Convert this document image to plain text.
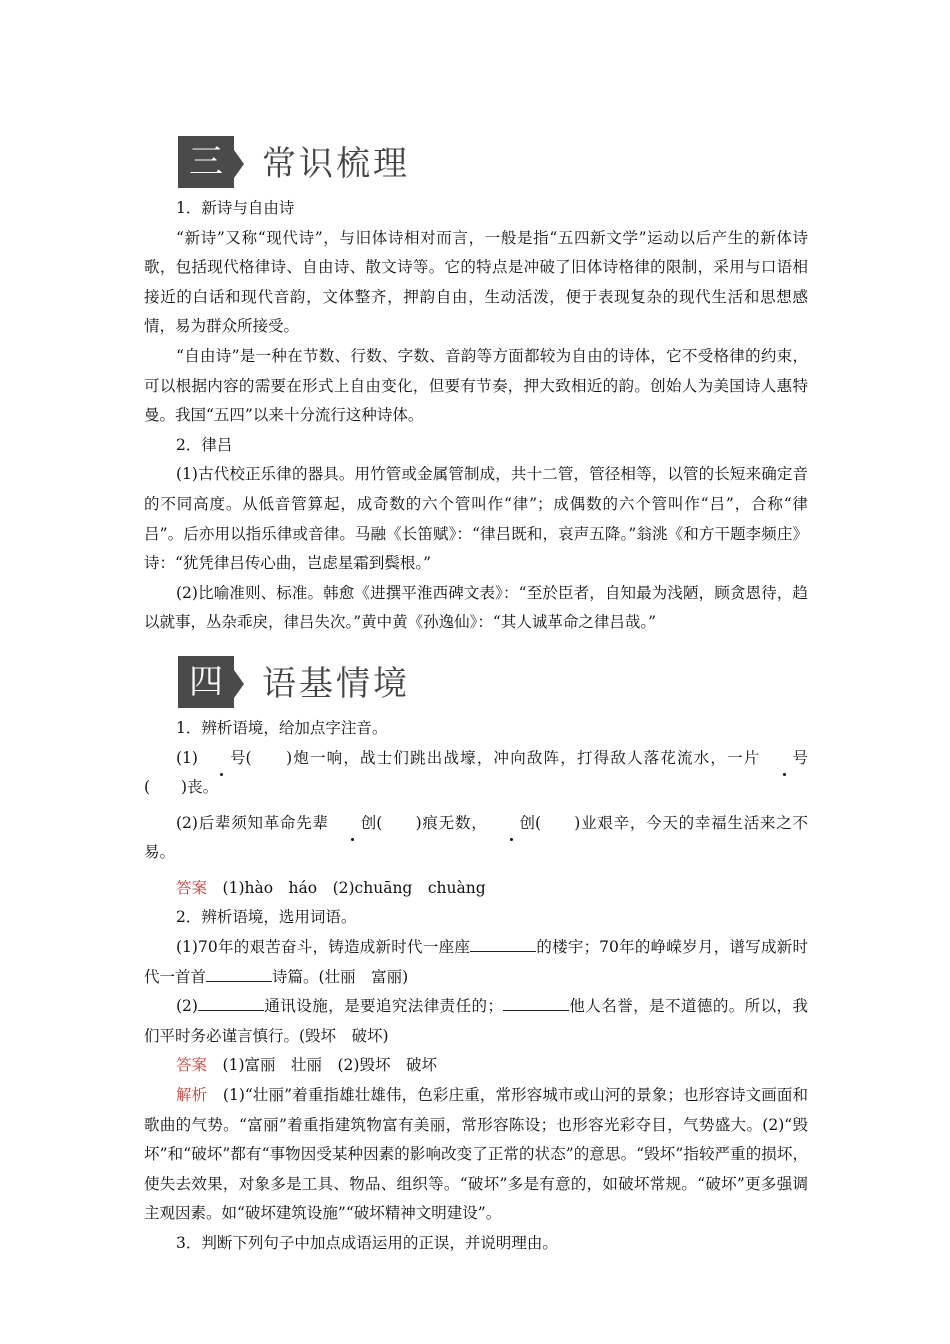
三	常识梳理

1．新诗与自由诗

“新诗”又称“现代诗”，与旧体诗相对而言，一般是指“五四新文学”运动以后产生的新体诗歌，包括现代格律诗、自由诗、散文诗等。它的特点是冲破了旧体诗格律的限制，采用与口语相接近的白话和现代音韵，文体整齐，押韵自由，生动活泼，便于表现复杂的现代生活和思想感情，易为群众所接受。

“自由诗”是一种在节数、行数、字数、音韵等方面都较为自由的诗体，它不受格律的约束，可以根据内容的需要在形式上自由变化，但要有节奏，押大致相近的韵。创始人为美国诗人惠特曼。我国“五四”以来十分流行这种诗体。

2．律吕

(1)古代校正乐律的器具。用竹管或金属管制成，共十二管，管径相等，以管的长短来确定音的不同高度。从低音管算起，成奇数的六个管叫作“律”；成偶数的六个管叫作“吕”，合称“律吕”。后亦用以指乐律或音律。马融《长笛赋》：“律吕既和，哀声五降。”翁洮《和方干题李频庄》诗：“犹凭律吕传心曲，岂虑星霜到鬓根。”

(2)比喻准则、标准。韩愈《进撰平淮西碑文表》：“至於臣者，自知最为浅陋，顾贪恩待，趋以就事，丛杂乖戾，律吕失次。”黄中黄《孙逸仙》：“其人诚革命之律吕哉。”

四	语基情境

1．辨析语境，给加点字注音。

(1) 号(　　)炮一响，战士们跳出战壕，冲向敌阵，打得敌人落花流水，一片 号(　　)丧。

(2)后辈须知革命先辈 创(　　)痕无数， 创(　　)业艰辛，今天的幸福生活来之不易。

答案　 (1)hào　háo　(2)chuāng　chuàng

2．辨析语境，选用词语。

(1)70年的艰苦奋斗，铸造成新时代一座座	的楼宇；70年的峥嵘岁月，谱写成新时代一首首	诗篇。(壮丽　富丽)

(2)	通讯设施，是要追究法律责任的；	他人名誉，是不道德的。所以，我们平时务必谨言慎行。(毁坏　破坏)

答案　 (1)富丽　壮丽　(2)毁坏　破坏

解析　 (1)“壮丽”着重指雄壮雄伟，色彩庄重，常形容城市或山河的景象；也形容诗文画面和歌曲的气势。“富丽”着重指建筑物富有美丽，常形容陈设；也形容光彩夺目，气势盛大。(2)“毁坏”和“破坏”都有“事物因受某种因素的影响改变了正常的状态”的意思。“毁坏”指较严重的损坏，使失去效果，对象多是工具、物品、组织等。“破坏”多是有意的，如破坏常规。“破坏”更多强调主观因素。如“破坏建筑设施”“破坏精神文明建设”。

3．判断下列句子中加点成语运用的正误，并说明理由。
